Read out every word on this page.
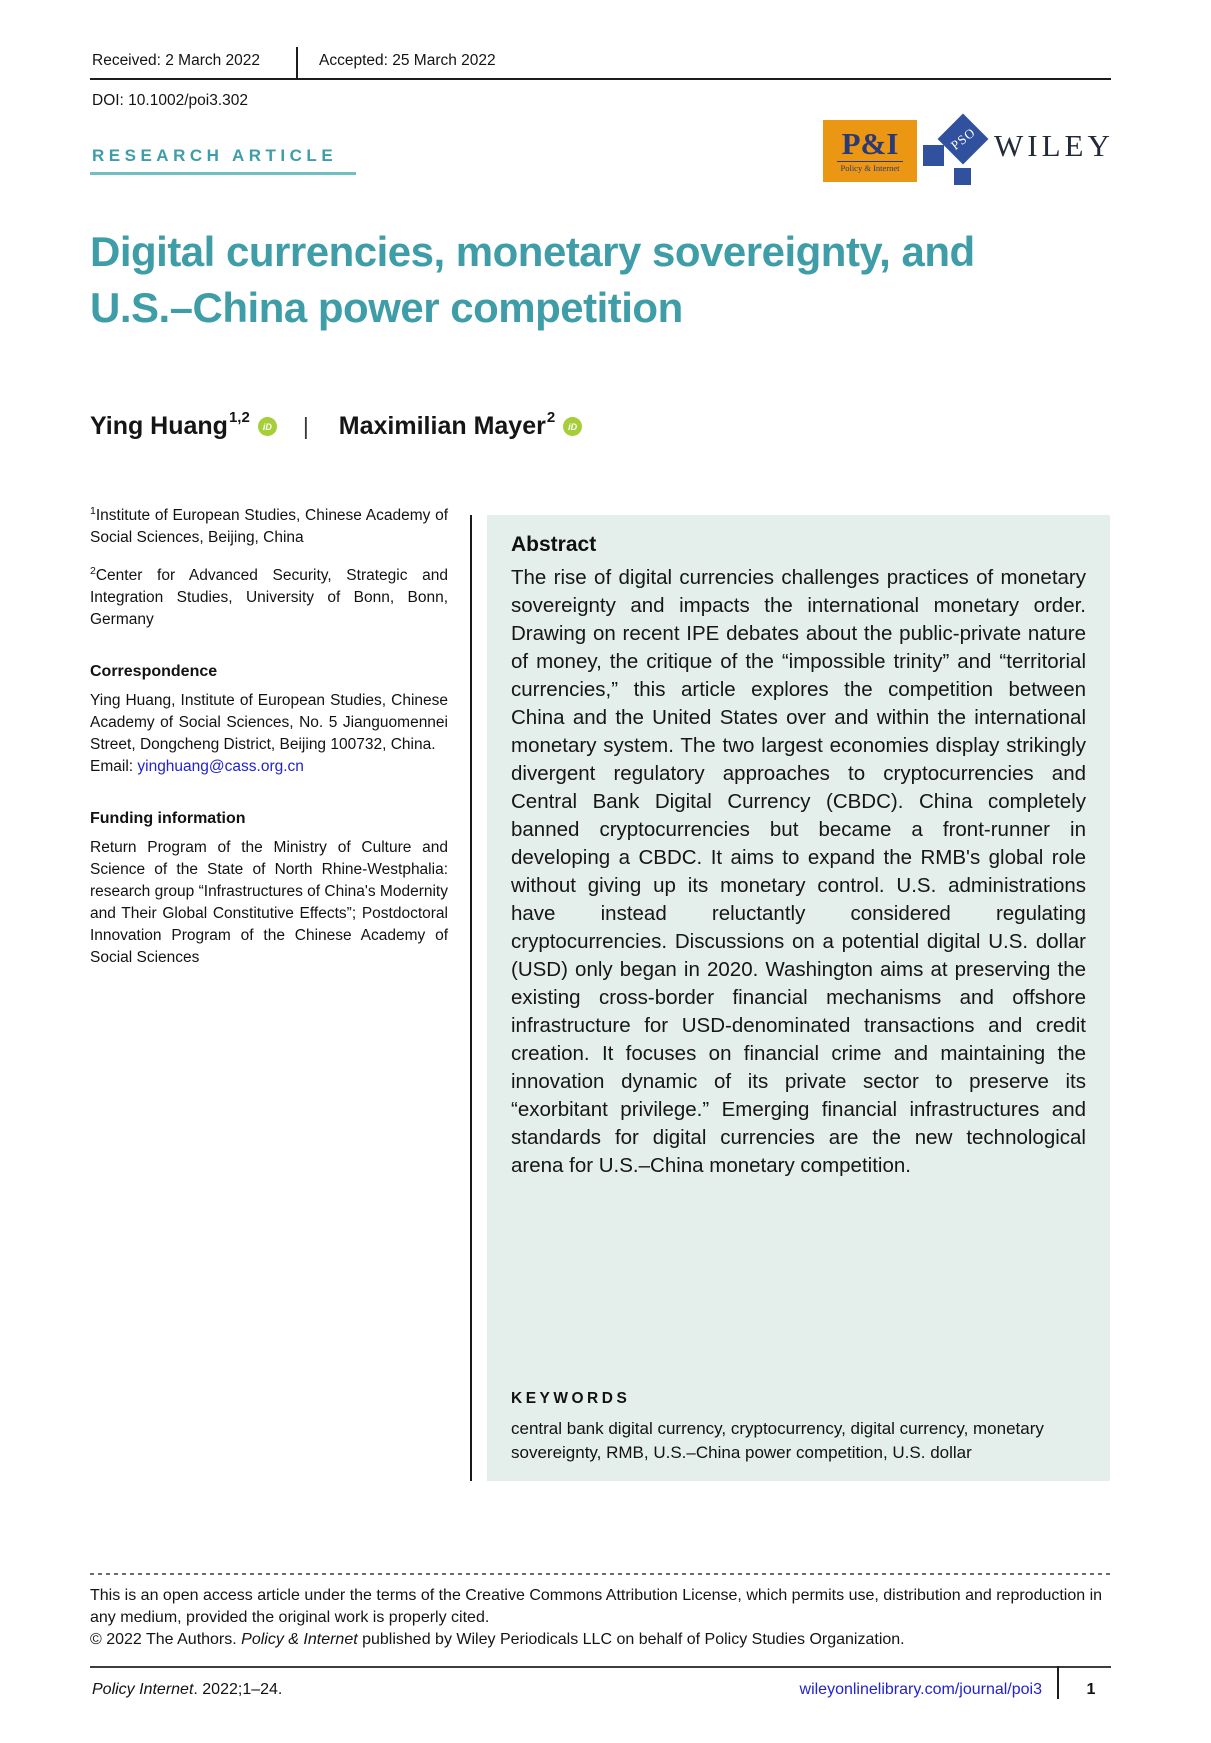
Received: 2 March 2022	Accepted: 25 March 2022
DOI: 10.1002/poi3.302
RESEARCH ARTICLE	P&I
Policy & Internet
PSO WILEY
Digital currencies, monetary sovereignty, and
U.S.–China power competition
Ying Huang$^{1,2}$
iD | Maximilian Mayer$^2$
iD

$^1$Institute of European Studies, Chinese Academy of Social Sciences, Beijing, China

$^2$Center for Advanced Security, Strategic and Integration Studies, University of Bonn, Bonn, Germany

Correspondence

Ying Huang, Institute of European Studies, Chinese Academy of Social Sciences, No. 5 Jianguomennei Street, Dongcheng District, Beijing 100732, China.

Email: yinghuang@cass.org.cn
Funding information

Return Program of the Ministry of Culture and Science of the State of North Rhine-Westphalia: research group “Infrastructures of China's Modernity and Their Global Constitutive Effects”; Postdoctoral Innovation Program of the Chinese Academy of Social Sciences

Abstract

The rise of digital currencies challenges practices of monetary sovereignty and impacts the international monetary order. Drawing on recent IPE debates about the public-private nature of money, the critique of the “impossible trinity” and “territorial currencies,” this article explores the competition between China and the United States over and within the international monetary system. The two largest economies display strikingly divergent regulatory approaches to cryptocurrencies and Central Bank Digital Currency (CBDC). China completely banned cryptocurrencies but became a front-runner in developing a CBDC. It aims to expand the RMB's global role without giving up its monetary control. U.S. administrations have instead reluctantly considered regulating cryptocurrencies. Discussions on a potential digital U.S. dollar (USD) only began in 2020. Washington aims at preserving the existing cross-border financial mechanisms and offshore infrastructure for USD-denominated transactions and credit creation. It focuses on financial crime and maintaining the innovation dynamic of its private sector to preserve its “exorbitant privilege.” Emerging financial infrastructures and standards for digital currencies are the new technological arena for U.S.–China monetary competition.

KEYWORDS
central bank digital currency, cryptocurrency, digital currency, monetary sovereignty, RMB, U.S.–China power competition, U.S. dollar
This is an open access article under the terms of the Creative Commons Attribution License, which permits use, distribution and reproduction in any medium, provided the original work is properly cited.
© 2022 The Authors. Policy & Internet published by Wiley Periodicals LLC on behalf of Policy Studies Organization.
Policy Internet. 2022;1–24.	wileyonlinelibrary.com/journal/poi3	1
